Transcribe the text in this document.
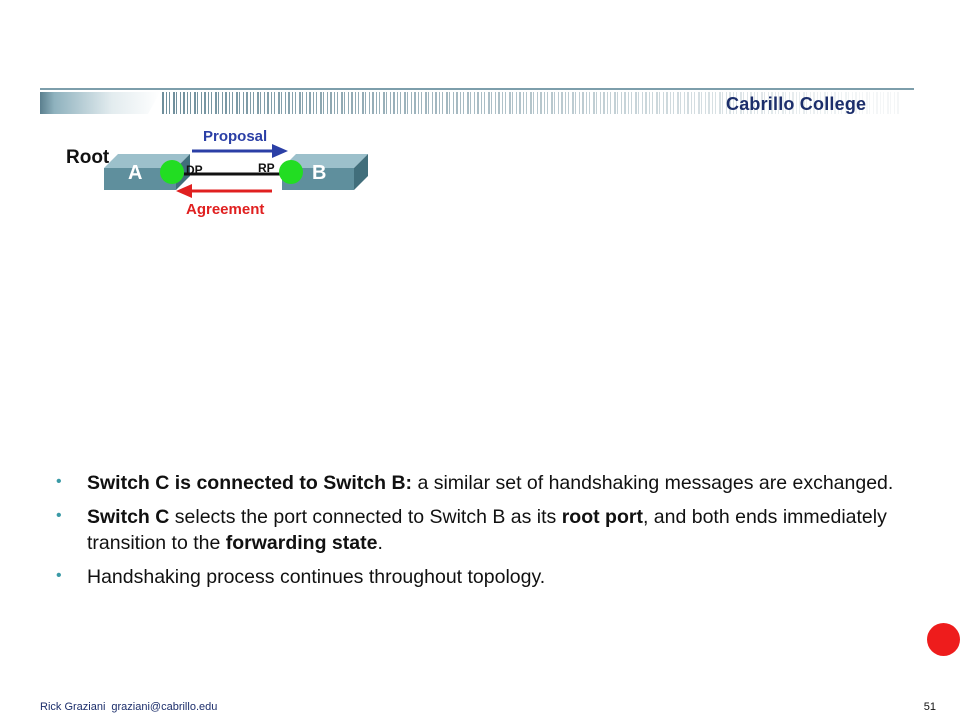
Cabrillo College
Root
Proposal
A	B
DP	RP
Agreement
• Switch C is connected to Switch B: a similar set of handshaking messages are exchanged.
• Switch C selects the port connected to Switch B as its root port, and both ends immediately transition to the forwarding state.
• Handshaking process continues throughout topology.
Rick Graziani graziani@cabrillo.edu	51
